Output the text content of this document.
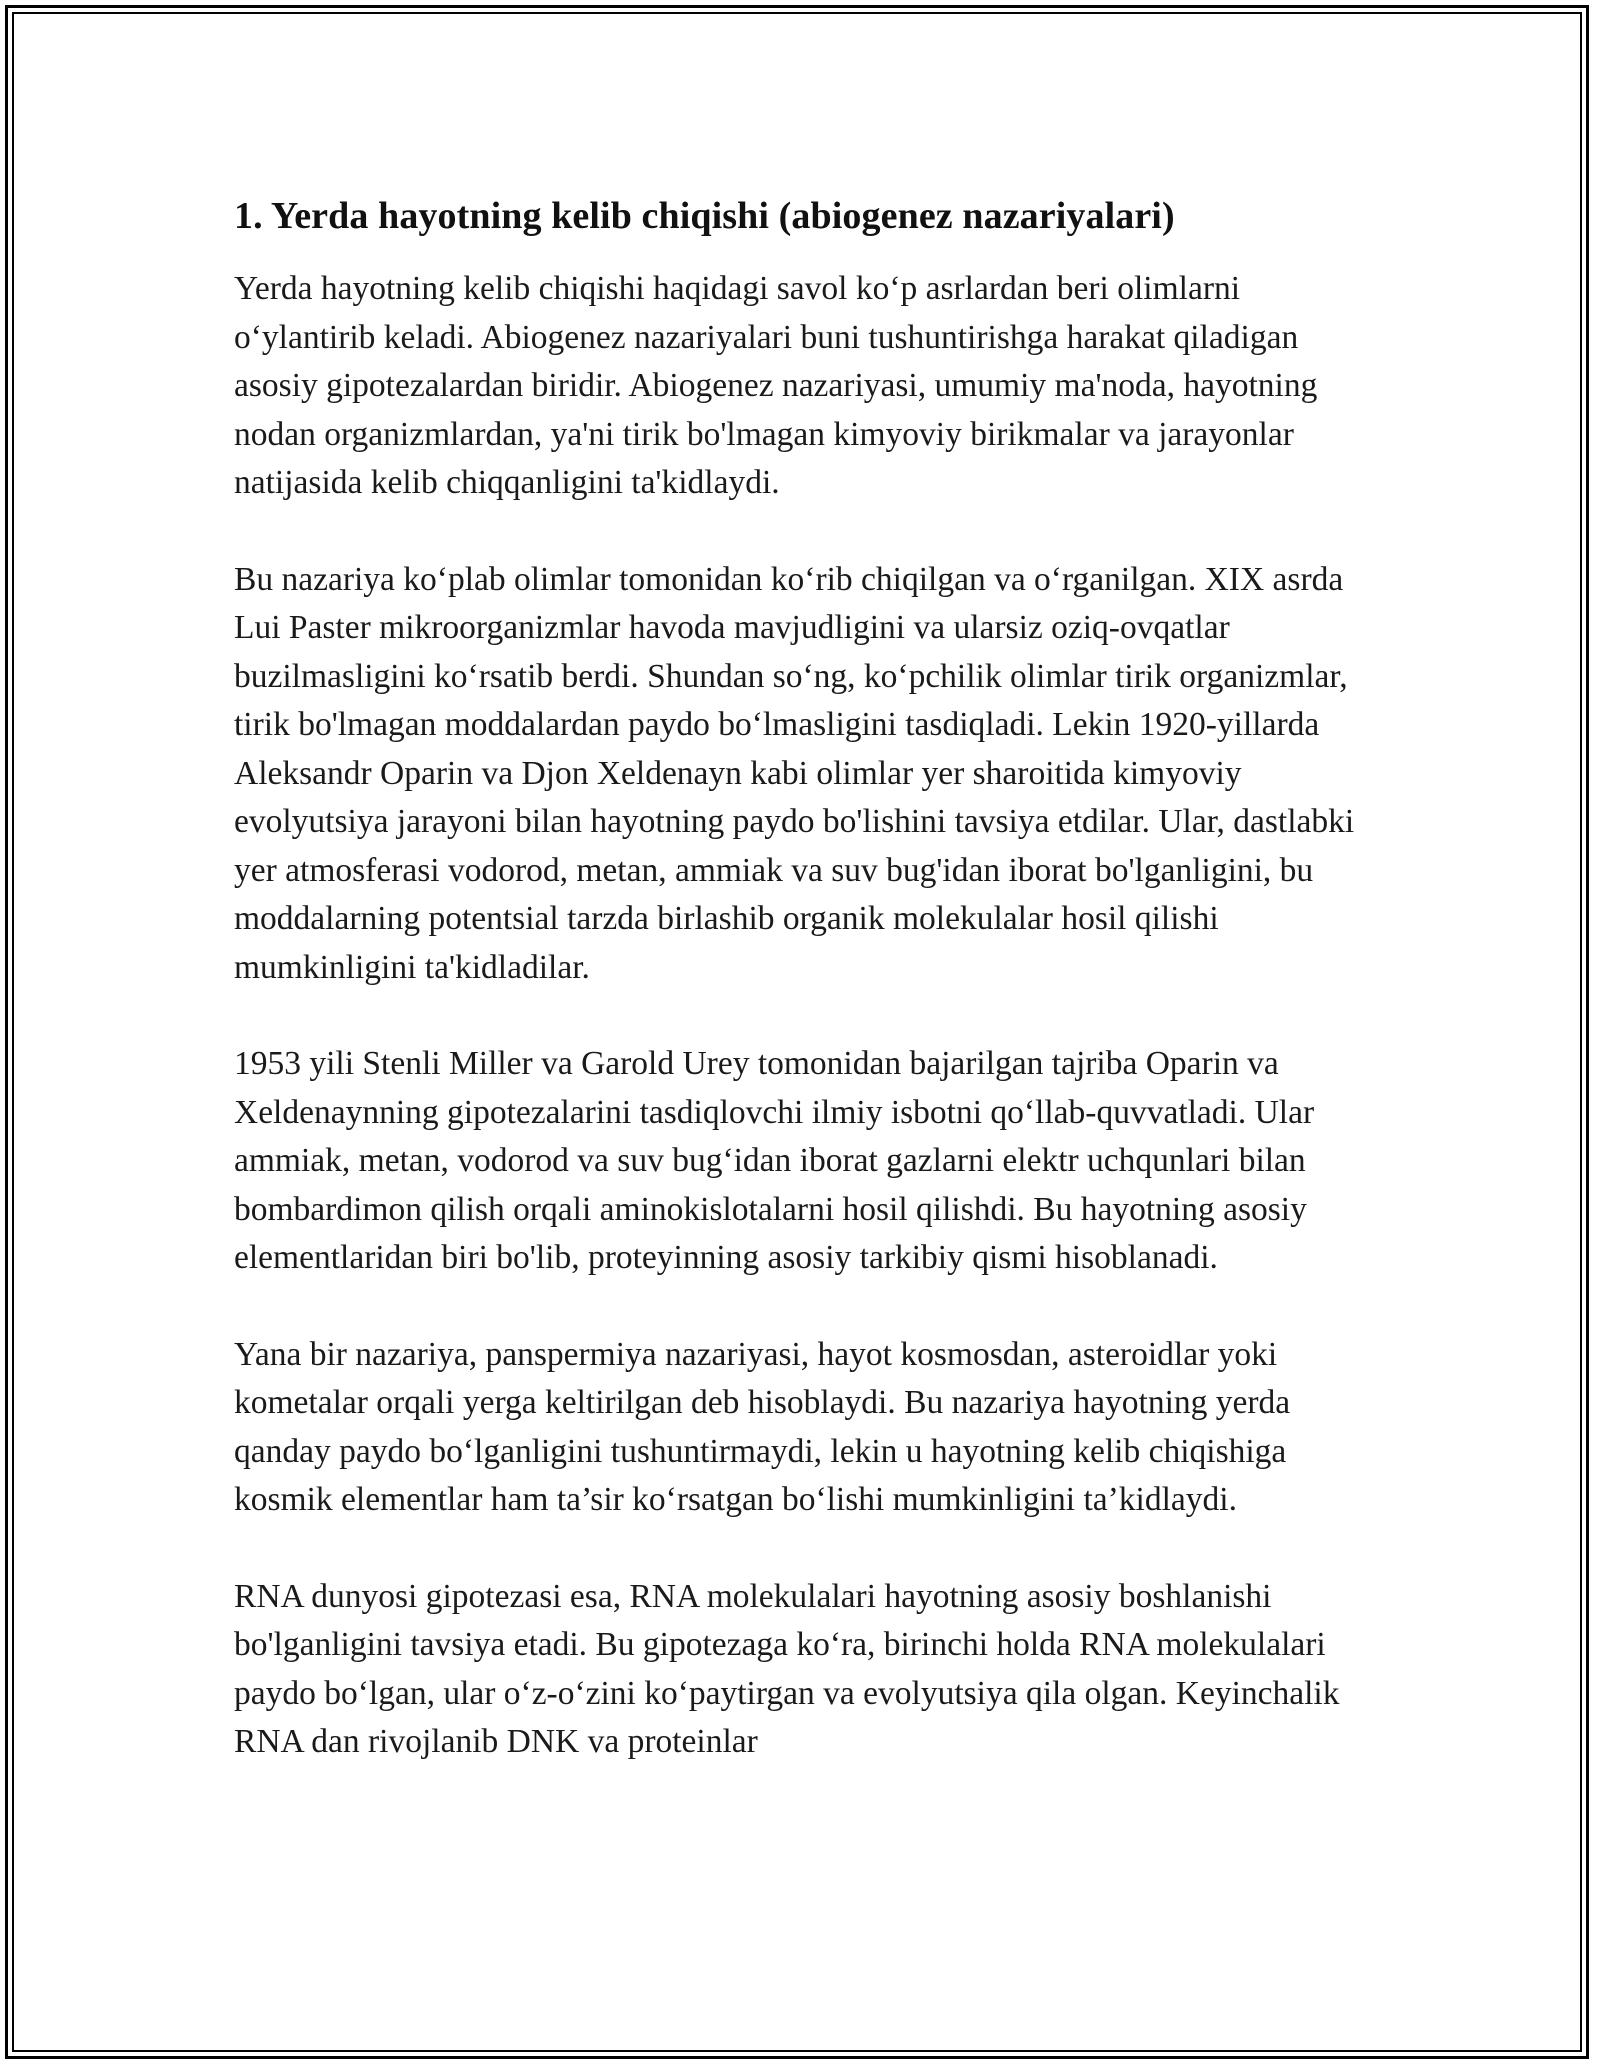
1. Yerda hayotning kelib chiqishi (abiogenez nazariyalari)

Yerda hayotning kelib chiqishi haqidagi savol ko‘p asrlardan beri olimlarni o‘ylantirib keladi. Abiogenez nazariyalari buni tushuntirishga harakat qiladigan asosiy gipotezalardan biridir. Abiogenez nazariyasi, umumiy ma'noda, hayotning nodan organizmlardan, ya'ni tirik bo'lmagan kimyoviy birikmalar va jarayonlar natijasida kelib chiqqanligini ta'kidlaydi.

Bu nazariya ko‘plab olimlar tomonidan ko‘rib chiqilgan va o‘rganilgan. XIX asrda Lui Paster mikroorganizmlar havoda mavjudligini va ularsiz oziq-ovqatlar buzilmasligini ko‘rsatib berdi. Shundan so‘ng, ko‘pchilik olimlar tirik organizmlar, tirik bo'lmagan moddalardan paydo bo‘lmasligini tasdiqladi. Lekin 1920-yillarda Aleksandr Oparin va Djon Xeldenayn kabi olimlar yer sharoitida kimyoviy evolyutsiya jarayoni bilan hayotning paydo bo'lishini tavsiya etdilar. Ular, dastlabki yer atmosferasi vodorod, metan, ammiak va suv bug'idan iborat bo'lganligini, bu moddalarning potentsial tarzda birlashib organik molekulalar hosil qilishi mumkinligini ta'kidladilar.

1953 yili Stenli Miller va Garold Urey tomonidan bajarilgan tajriba Oparin va Xeldenaynning gipotezalarini tasdiqlovchi ilmiy isbotni qo‘llab-quvvatladi. Ular ammiak, metan, vodorod va suv bug‘idan iborat gazlarni elektr uchqunlari bilan bombardimon qilish orqali aminokislotalarni hosil qilishdi. Bu hayotning asosiy elementlaridan biri bo'lib, proteyinning asosiy tarkibiy qismi hisoblanadi.

Yana bir nazariya, panspermiya nazariyasi, hayot kosmosdan, asteroidlar yoki kometalar orqali yerga keltirilgan deb hisoblaydi. Bu nazariya hayotning yerda qanday paydo bo‘lganligini tushuntirmaydi, lekin u hayotning kelib chiqishiga kosmik elementlar ham ta’sir ko‘rsatgan bo‘lishi mumkinligini ta’kidlaydi.

RNA dunyosi gipotezasi esa, RNA molekulalari hayotning asosiy boshlanishi bo'lganligini tavsiya etadi. Bu gipotezaga ko‘ra, birinchi holda RNA molekulalari paydo bo‘lgan, ular o‘z-o‘zini ko‘paytirgan va evolyutsiya qila olgan. Keyinchalik RNA dan rivojlanib DNK va proteinlar
